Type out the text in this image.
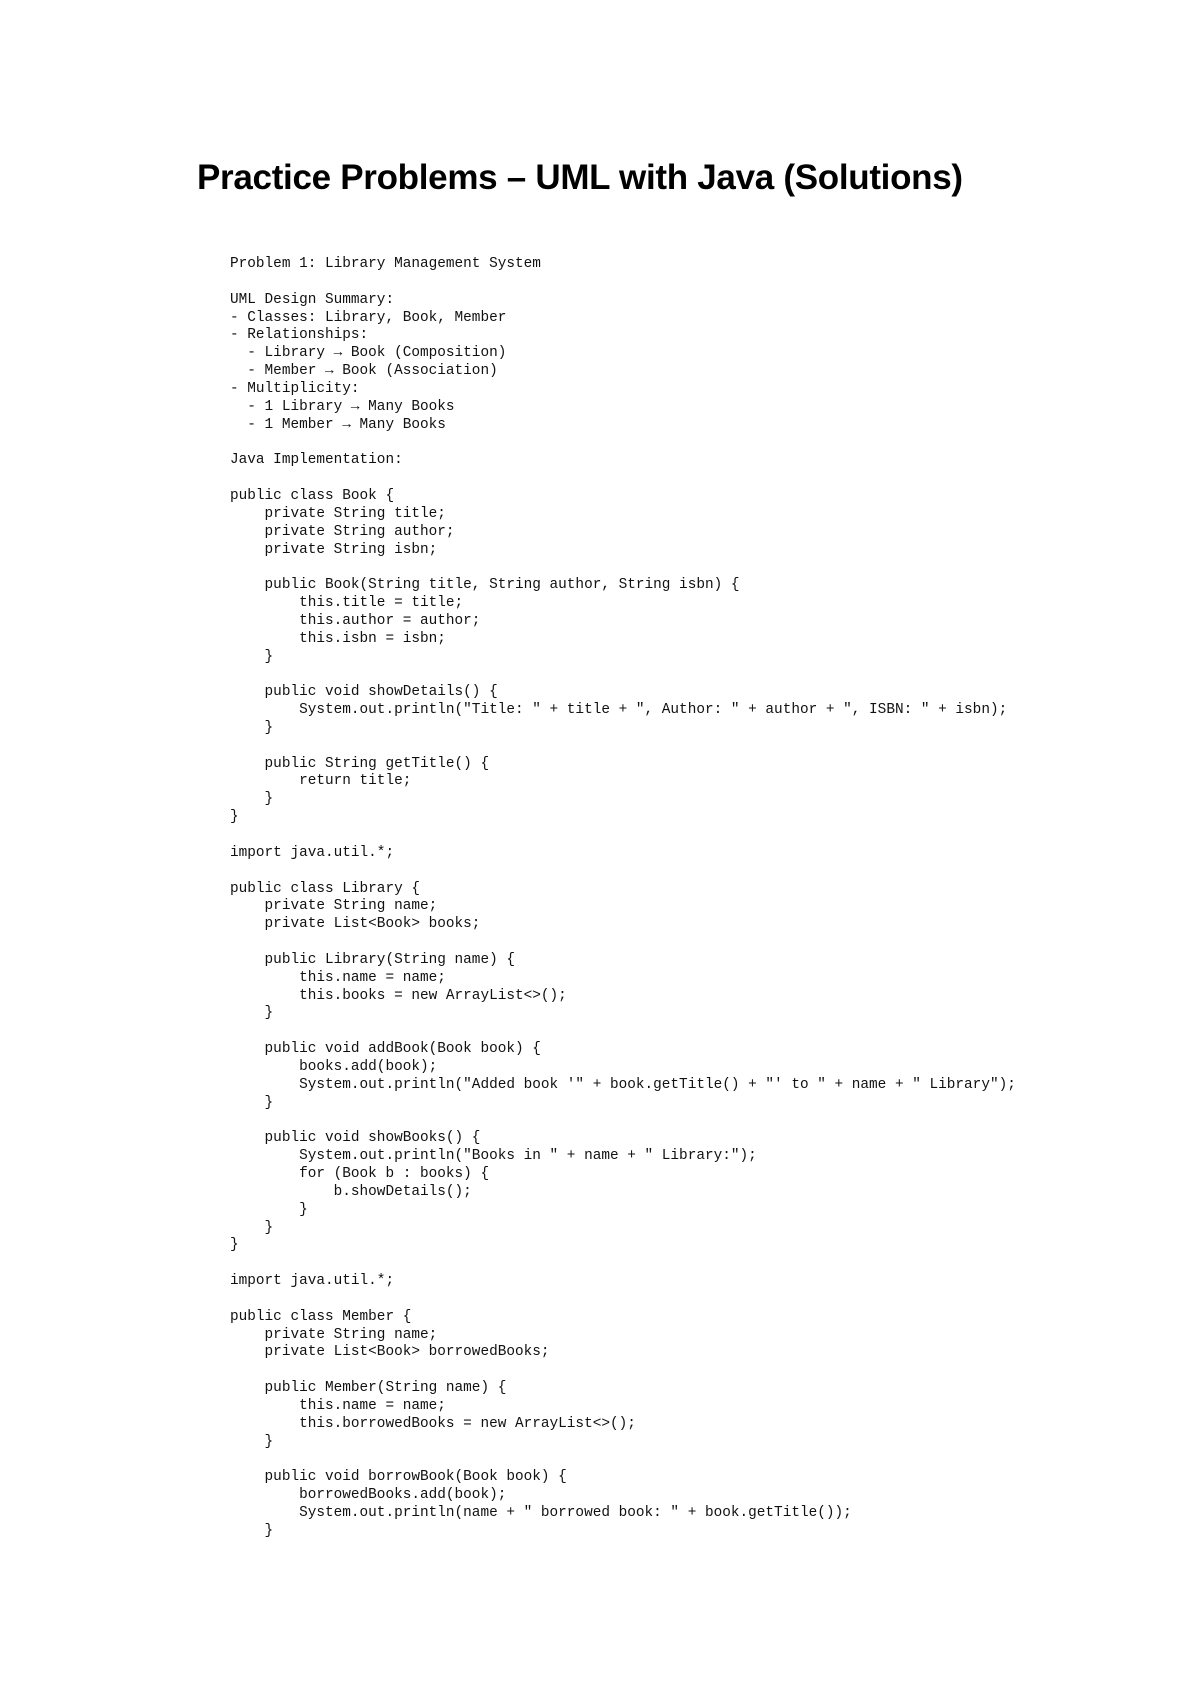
Practice Problems – UML with Java (Solutions)
Problem 1: Library Management System
UML Design Summary:
- Classes: Library, Book, Member
- Relationships:
- Library → Book (Composition)
- Member → Book (Association)
- Multiplicity:
- 1 Library → Many Books
- 1 Member → Many Books
Java Implementation:
public class Book {
private String title;
private String author;
private String isbn;
public Book(String title, String author, String isbn) {
this.title = title;
this.author = author;
this.isbn = isbn;
}
public void showDetails() {
System.out.println("Title: " + title + ", Author: " + author + ", ISBN: " + isbn);
}
public String getTitle() {
return title;
}
}
import java.util.*;
public class Library {
private String name;
private List<Book> books;
public Library(String name) {
this.name = name;
this.books = new ArrayList<>();
}
public void addBook(Book book) {
books.add(book);
System.out.println("Added book '" + book.getTitle() + "' to " + name + " Library");
}
public void showBooks() {
System.out.println("Books in " + name + " Library:");
for (Book b : books) {
b.showDetails();
}
}
}
import java.util.*;
public class Member {
private String name;
private List<Book> borrowedBooks;
public Member(String name) {
this.name = name;
this.borrowedBooks = new ArrayList<>();
}
public void borrowBook(Book book) {
borrowedBooks.add(book);
System.out.println(name + " borrowed book: " + book.getTitle());
}
